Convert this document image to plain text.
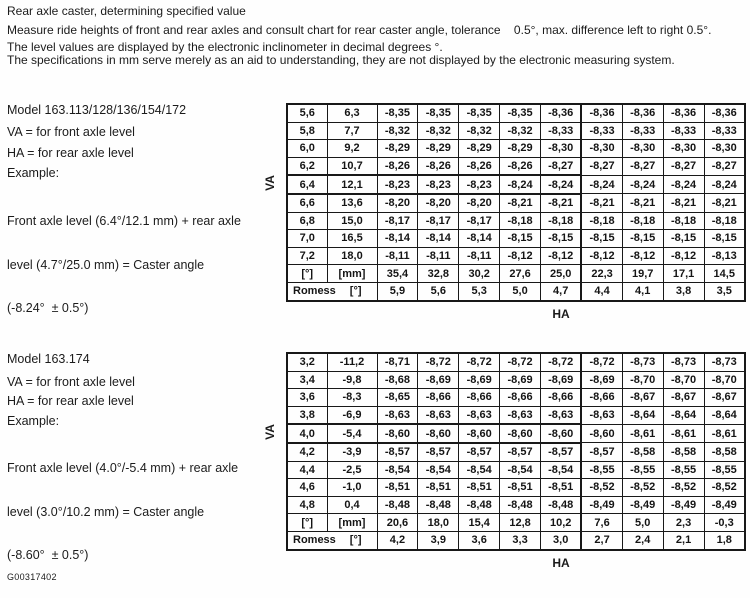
Rear axle caster, determining specified value
Measure ride heights of front and rear axles and consult chart for rear caster angle, tolerance    0.5°, max. difference left to right 0.5°.
The level values are displayed by the electronic inclinometer in decimal degrees °.
The specifications in mm serve merely as an aid to understanding, they are not displayed by the electronic measuring system.
Model 163.113/128/136/154/172
VA = for front axle level
HA = for rear axle level
Example:

Front axle level (6.4°/12.1 mm) + rear axle

level (4.7°/25.0 mm) = Caster angle

(-8.24°  ± 0.5°)

VA
5,6	6,3	-8,35	-8,35	-8,35	-8,35	-8,36	-8,36	-8,36	-8,36	-8,36
5,8	7,7	-8,32	-8,32	-8,32	-8,32	-8,33	-8,33	-8,33	-8,33	-8,33
6,0	9,2	-8,29	-8,29	-8,29	-8,29	-8,30	-8,30	-8,30	-8,30	-8,30
6,2	10,7	-8,26	-8,26	-8,26	-8,26	-8,27	-8,27	-8,27	-8,27	-8,27
6,4	12,1	-8,23	-8,23	-8,23	-8,24	-8,24	-8,24	-8,24	-8,24	-8,24
6,6	13,6	-8,20	-8,20	-8,20	-8,21	-8,21	-8,21	-8,21	-8,21	-8,21
6,8	15,0	-8,17	-8,17	-8,17	-8,18	-8,18	-8,18	-8,18	-8,18	-8,18
7,0	16,5	-8,14	-8,14	-8,14	-8,15	-8,15	-8,15	-8,15	-8,15	-8,15
7,2	18,0	-8,11	-8,11	-8,11	-8,12	-8,12	-8,12	-8,12	-8,12	-8,13
[°]	[mm]	35,4	32,8	30,2	27,6	25,0	22,3	19,7	17,1	14,5
Romess [°]		5,9	5,6	5,3	5,0	4,7	4,4	4,1	3,8	3,5
HA
Model 163.174
VA = for front axle level
HA = for rear axle level
Example:

Front axle level (4.0°/-5.4 mm) + rear axle

level (3.0°/10.2 mm) = Caster angle

(-8.60°  ± 0.5°)

VA
3,2	-11,2	-8,71	-8,72	-8,72	-8,72	-8,72	-8,72	-8,73	-8,73	-8,73
3,4	-9,8	-8,68	-8,69	-8,69	-8,69	-8,69	-8,69	-8,70	-8,70	-8,70
3,6	-8,3	-8,65	-8,66	-8,66	-8,66	-8,66	-8,66	-8,67	-8,67	-8,67
3,8	-6,9	-8,63	-8,63	-8,63	-8,63	-8,63	-8,63	-8,64	-8,64	-8,64
4,0	-5,4	-8,60	-8,60	-8,60	-8,60	-8,60	-8,60	-8,61	-8,61	-8,61
4,2	-3,9	-8,57	-8,57	-8,57	-8,57	-8,57	-8,57	-8,58	-8,58	-8,58
4,4	-2,5	-8,54	-8,54	-8,54	-8,54	-8,54	-8,55	-8,55	-8,55	-8,55
4,6	-1,0	-8,51	-8,51	-8,51	-8,51	-8,51	-8,52	-8,52	-8,52	-8,52
4,8	0,4	-8,48	-8,48	-8,48	-8,48	-8,48	-8,49	-8,49	-8,49	-8,49
[°]	[mm]	20,6	18,0	15,4	12,8	10,2	7,6	5,0	2,3	-0,3
Romess [°]		4,2	3,9	3,6	3,3	3,0	2,7	2,4	2,1	1,8
HA
G00317402
